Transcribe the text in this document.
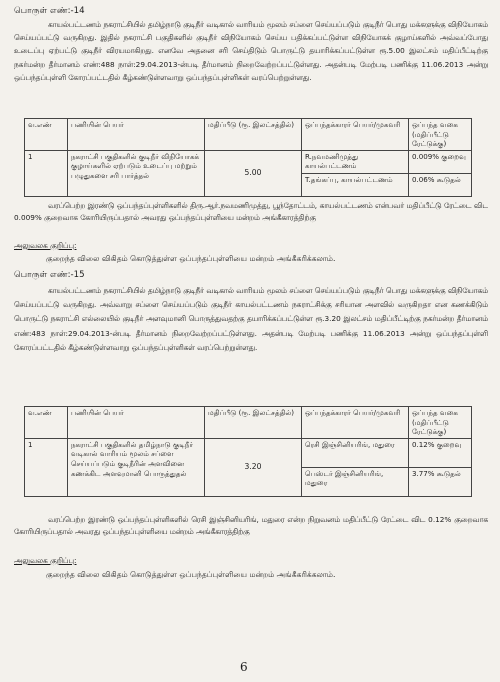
பொருள் எண்:-14

காயல்பட்டணம் நகராட்சியில் தமிழ்நாடு குடிநீர் வடிகால் வாரியம் மூலம் சப்ளை செய்யப்படும் குடிநீர் பொது மக்களுக்கு விநியோகம் செய்யப்பட்டு வருகிறது. இதில் நகராட்சி பகுதிகளில் குடிநீர் விநியோகம் செய்ய பதிக்கப்பட்டுள்ள விநியோகக் குழாய்களில் அவ்வப்போது உடைப்பு ஏற்பட்டு குடிநீர் விரயமாகிறது. எனவே அதனை சரி செய்திடும் பொருட்டு தயாரிக்கப்பட்டுள்ள ரூ.5.00 இலட்சம் மதிப்பீட்டிற்கு நகர்மன்ற தீர்மானம் எண்:488 நாள்:29.04.2013-ன்படி தீர்மானம் நிறைவேற்றப்பட்டுள்ளது. அதன்படி மேற்படி பணிக்கு 11.06.2013 அன்று ஒப்பந்தப்புள்ளி கோரப்பட்டதில் கீழ்கண்டுள்ளவாறு ஒப்பந்தப்புள்ளிகள் வரப்பெற்றுள்ளது.

வ.எண்	பணியின் பெயர்	மதிப்பீடு (ரூ. இலட்சத்தில்)	ஒப்பந்தக்காரர் பெயர்/முகவரி	ஒப்பந்த வகை (மதிப்பீட்டு ரேட்டுக்கு)
1	நகராட்சி பகுதிகளில் குடிநீர் விநியோகக் குழாய்களில் ஏற்படும் உடைப்பு மற்றும் பழுதுகளை சரி பார்த்தல்	5.00	R.நவமணிமுத்து காயல்பட்டணம்	0.009% குறைவு
			T.தங்கப்பு, காயல்பட்டணம்	0.06% கூடுதல்

வரப்பெற்ற இரண்டு ஒப்பந்தப்புள்ளிகளில் திரு.ஆர்.நவமணிமுத்து, பூந்தோட்டம், காயல்பட்டணம் என்பவர் மதிப்பீட்டு ரேட்டை விட 0.009% குறைவாக கோரியிருப்பதால் அவரது ஒப்பந்தப்புள்ளியை மன்றம் அங்கீகாரத்திற்கு

அலுவலக குறிப்பு:
குறைந்த விலை விகிதம் கொடுத்துள்ள ஒப்பந்தப்புள்ளியை மன்றம் அங்கீகரிக்கலாம்.
பொருள் எண்:-15

காயல்பட்டணம் நகராட்சியில் தமிழ்நாடு குடிநீர் வடிகால் வாரியம் மூலம் சப்ளை செய்யப்படும் குடிநீர் பொது மக்களுக்கு விநியோகம் செய்யப்பட்டு வருகிறது. அவ்வாறு சப்ளை செய்யப்படும் குடிநீர் காயல்பட்டணம் நகராட்சிக்கு சரியான அளவில் வருகிறதா என கணக்கிடும் பொருட்டு நகராட்சி எல்லையில் குடிநீர் அளவுமானி பொருத்துவதற்கு தயாரிக்கப்பட்டுள்ள ரூ.3.20 இலட்சம் மதிப்பீட்டிற்கு நகர்மன்ற தீர்மானம் எண்:483 நாள்:29.04.2013-ன்படி தீர்மானம் நிறைவேற்றப்பட்டுள்ளது. அதன்படி மேற்படி பணிக்கு 11.06.2013 அன்று ஒப்பந்தப்புள்ளி கோரப்பட்டதில் கீழ்கண்டுள்ளவாறு ஒப்பந்தப்புள்ளிகள் வரப்பெற்றுள்ளது.

வ.எண்	பணியின் பெயர்	மதிப்பீடு (ரூ. இலட்சத்தில்)	ஒப்பந்தக்காரர் பெயர்/முகவரி	ஒப்பந்த வகை (மதிப்பீட்டு ரேட்டுக்கு)
1	நகராட்சி பகுதிகளில் தமிழ்நாடு குடிநீர் வடிகால் வாரியம் மூலம் சப்ளை செய்யப்படும் குடிநீரின் அளவினை கணக்கிட அளவுமானி பொருத்துதல்	3.20	ரெசி இஞ்சினியரிங், மதுரை	0.12% குறைவு
			பெஸ்டர் இஞ்சினியரிங், மதுரை	3.77% கூடுதல்

வரப்பெற்ற இரண்டு ஒப்பந்தப்புள்ளிகளில் ரெசி இஞ்சினியரிங், மதுரை என்ற நிறுவனம் மதிப்பீட்டு ரேட்டை விட 0.12% குறைவாக கோரியிருப்பதால் அவரது ஒப்பந்தப்புள்ளியை மன்றம் அங்கீகாரத்திற்கு

அலுவலக குறிப்பு:
குறைந்த விலை விகிதம் கொடுத்துள்ள ஒப்பந்தப்புள்ளியை மன்றம் அங்கீகரிக்கலாம்.
6
